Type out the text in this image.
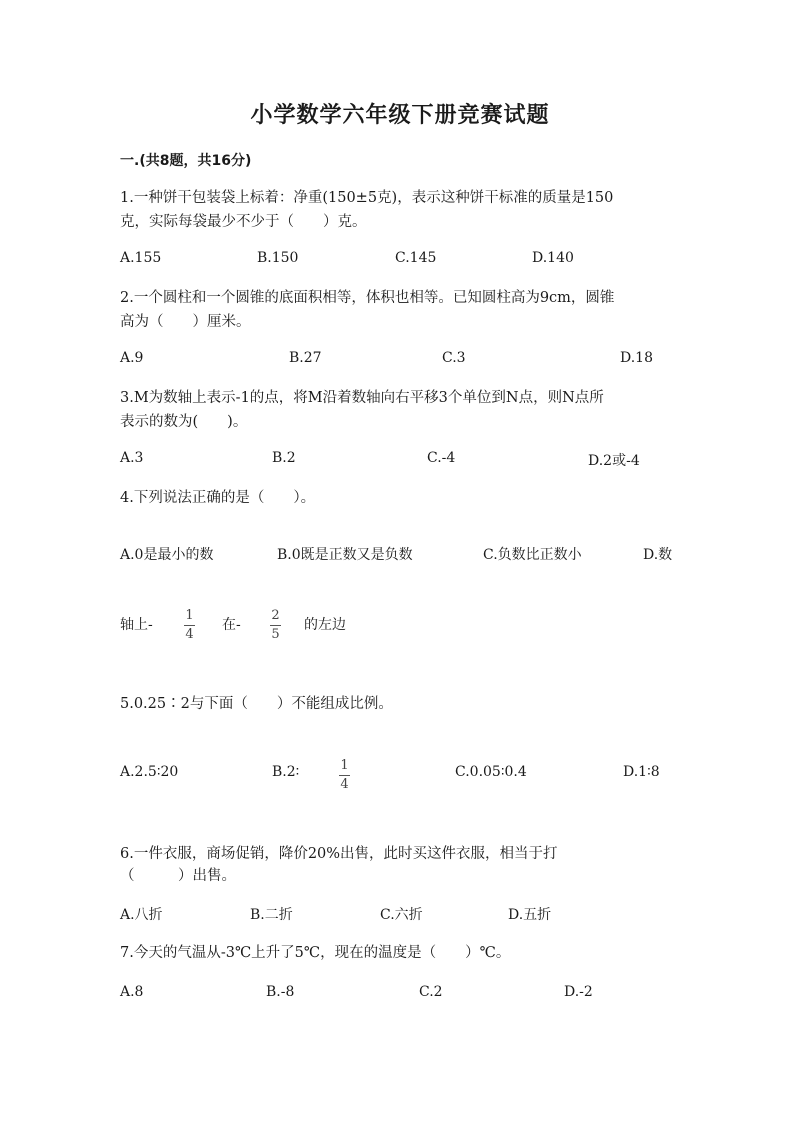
小学数学六年级下册竞赛试题
一.(共8题，共16分)
1.一种饼干包装袋上标着：净重(150±5克)，表示这种饼干标准的质量是150
克，实际每袋最少不少于（　　）克。
A.155	B.150	C.145	D.140
2.一个圆柱和一个圆锥的底面积相等，体积也相等。已知圆柱高为9cm，圆锥
高为（　　）厘米。
A.9	B.27	C.3	D.18
3.M为数轴上表示-1的点，将M沿着数轴向右平移3个单位到N点，则N点所
表示的数为(　　)。
A.3	B.2	C.-4	D.2或-4
4.下列说法正确的是（　　）。
A.0是最小的数	B.0既是正数又是负数	C.负数比正数小	D.数
轴上-
1
4
在-
2
5
的左边
5.0.25∶2与下面（　　）不能组成比例。
A.2.5∶20	B.2∶	1
4
C.0.05∶0.4	D.1∶8
6.一件衣服，商场促销，降价20%出售，此时买这件衣服，相当于打
（　　　）出售。
A.八折	B.二折	C.六折	D.五折
7.今天的气温从-3℃上升了5℃，现在的温度是（　　）℃。
A.8	B.-8	C.2	D.-2
